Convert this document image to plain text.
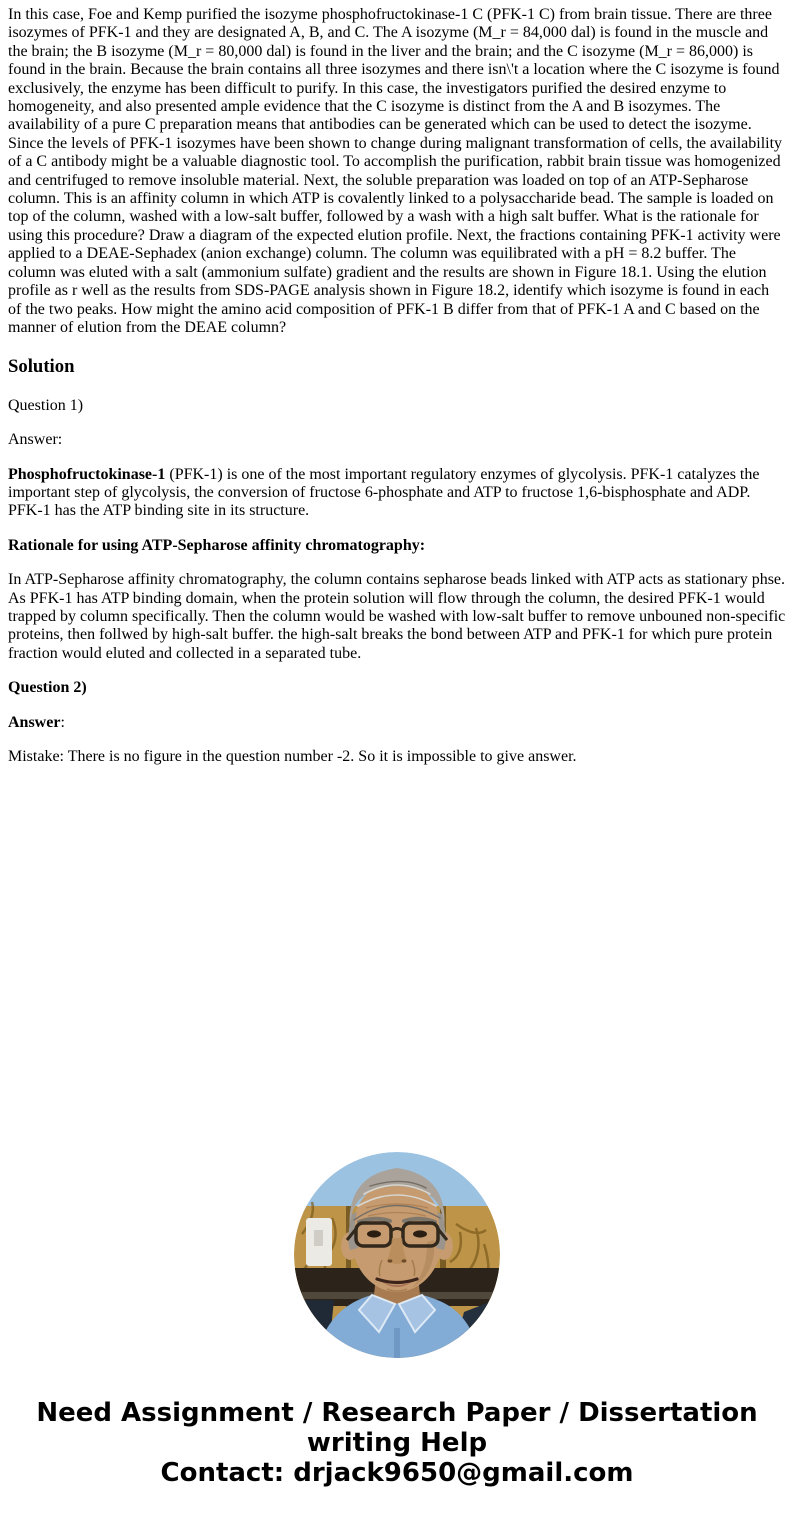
In this case, Foe and Kemp purified the isozyme phosphofructokinase-1 C (PFK-1 C) from brain tissue. There are three isozymes of PFK-1 and they are designated A, B, and C. The A isozyme (M_r = 84,000 dal) is found in the muscle and the brain; the B isozyme (M_r = 80,000 dal) is found in the liver and the brain; and the C isozyme (M_r = 86,000) is found in the brain. Because the brain contains all three isozymes and there isn\'t a location where the C isozyme is found exclusively, the enzyme has been difficult to purify. In this case, the investigators purified the desired enzyme to homogeneity, and also presented ample evidence that the C isozyme is distinct from the A and B isozymes. The availability of a pure C preparation means that antibodies can be generated which can be used to detect the isozyme. Since the levels of PFK-1 isozymes have been shown to change during malignant transformation of cells, the availability of a C antibody might be a valuable diagnostic tool. To accomplish the purification, rabbit brain tissue was homogenized and centrifuged to remove insoluble material. Next, the soluble preparation was loaded on top of an ATP-Sepharose column. This is an affinity column in which ATP is covalently linked to a polysaccharide bead. The sample is loaded on top of the column, washed with a low-salt buffer, followed by a wash with a high salt buffer. What is the rationale for using this procedure? Draw a diagram of the expected elution profile. Next, the fractions containing PFK-1 activity were applied to a DEAE-Sephadex (anion exchange) column. The column was equilibrated with a pH = 8.2 buffer. The column was eluted with a salt (ammonium sulfate) gradient and the results are shown in Figure 18.1. Using the elution profile as r well as the results from SDS-PAGE analysis shown in Figure 18.2, identify which isozyme is found in each of the two peaks. How might the amino acid composition of PFK-1 B differ from that of PFK-1 A and C based on the manner of elution from the DEAE column?

Solution

Question 1)

Answer:

Phosphofructokinase-1 (PFK-1) is one of the most important regulatory enzymes of glycolysis. PFK-1 catalyzes the important step of glycolysis, the conversion of fructose 6-phosphate and ATP to fructose 1,6-bisphosphate and ADP. PFK-1 has the ATP binding site in its structure.

Rationale for using ATP-Sepharose affinity chromatography:

In ATP-Sepharose affinity chromatography, the column contains sepharose beads linked with ATP acts as stationary phse. As PFK-1 has ATP binding domain, when the protein solution will flow through the column, the desired PFK-1 would trapped by column specifically. Then the column would be washed with low-salt buffer to remove unbouned non-specific proteins, then follwed by high-salt buffer. the high-salt breaks the bond between ATP and PFK-1 for which pure protein fraction would eluted and collected in a separated tube.

Question 2)

Answer:

Mistake: There is no figure in the question number -2. So it is impossible to give answer.

Need Assignment / Research Paper / Dissertation
writing Help
Contact: drjack9650@gmail.com
